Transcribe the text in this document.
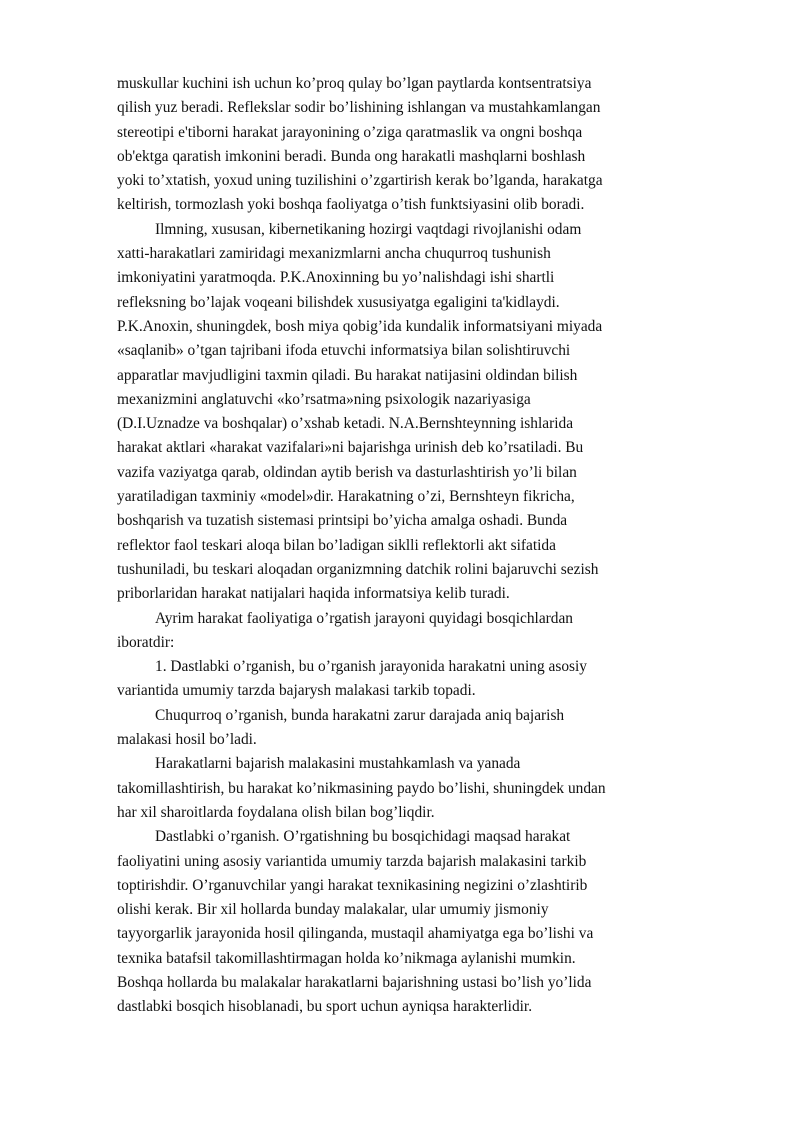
muskullar kuchini ish uchun ko’proq qulay bo’lgan paytlarda kontsentratsiya
qilish yuz beradi. Reflekslar sodir bo’lishining ishlangan va mustahkamlangan
stereotipi e'tiborni harakat jarayonining o’ziga qaratmaslik va ongni boshqa
ob'ektga qaratish imkonini beradi. Bunda ong harakatli mashqlarni boshlash
yoki to’xtatish, yoxud uning tuzilishini o’zgartirish kerak bo’lganda, harakatga
keltirish, tormozlash yoki boshqa faoliyatga o’tish funktsiyasini olib boradi.
Ilmning, xususan, kibernetikaning hozirgi vaqtdagi rivojlanishi odam
xatti-harakatlari zamiridagi mexanizmlarni ancha chuqurroq tushunish
imkoniyatini yaratmoqda. P.K.Anoxinning bu yo’nalishdagi ishi shartli
refleksning bo’lajak voqeani bilishdek xususiyatga egaligini ta'kidlaydi.
P.K.Anoxin, shuningdek, bosh miya qobig’ida kundalik informatsiyani miyada
«saqlanib» o’tgan tajribani ifoda etuvchi informatsiya bilan solishtiruvchi
apparatlar mavjudligini taxmin qiladi. Bu harakat natijasini oldindan bilish
mexanizmini anglatuvchi «ko’rsatma»ning psixologik nazariyasiga
(D.I.Uznadze va boshqalar) o’xshab ketadi. N.A.Bernshteynning ishlarida
harakat aktlari «harakat vazifalari»ni bajarishga urinish deb ko’rsatiladi. Bu
vazifa vaziyatga qarab, oldindan aytib berish va dasturlashtirish yo’li bilan
yaratiladigan taxminiy «model»dir. Harakatning o’zi, Bernshteyn fikricha,
boshqarish va tuzatish sistemasi printsipi bo’yicha amalga oshadi. Bunda
reflektor faol teskari aloqa bilan bo’ladigan siklli reflektorli akt sifatida
tushuniladi, bu teskari aloqadan organizmning datchik rolini bajaruvchi sezish
priborlaridan harakat natijalari haqida informatsiya kelib turadi.
Ayrim harakat faoliyatiga o’rgatish jarayoni quyidagi bosqichlardan
iboratdir:
1. Dastlabki o’rganish, bu o’rganish jarayonida harakatni uning asosiy
variantida umumiy tarzda bajarysh malakasi tarkib topadi.
Chuqurroq o’rganish, bunda harakatni zarur darajada aniq bajarish
malakasi hosil bo’ladi.
Harakatlarni bajarish malakasini mustahkamlash va yanada
takomillashtirish, bu harakat ko’nikmasining paydo bo’lishi, shuningdek undan
har xil sharoitlarda foydalana olish bilan bog’liqdir.
Dastlabki o’rganish. O’rgatishning bu bosqichidagi maqsad harakat
faoliyatini uning asosiy variantida umumiy tarzda bajarish malakasini tarkib
toptirishdir. O’rganuvchilar yangi harakat texnikasining negizini o’zlashtirib
olishi kerak. Bir xil hollarda bunday malakalar, ular umumiy jismoniy
tayyorgarlik jarayonida hosil qilinganda, mustaqil ahamiyatga ega bo’lishi va
texnika batafsil takomillashtirmagan holda ko’nikmaga aylanishi mumkin.
Boshqa hollarda bu malakalar harakatlarni bajarishning ustasi bo’lish yo’lida
dastlabki bosqich hisoblanadi, bu sport uchun ayniqsa harakterlidir.
